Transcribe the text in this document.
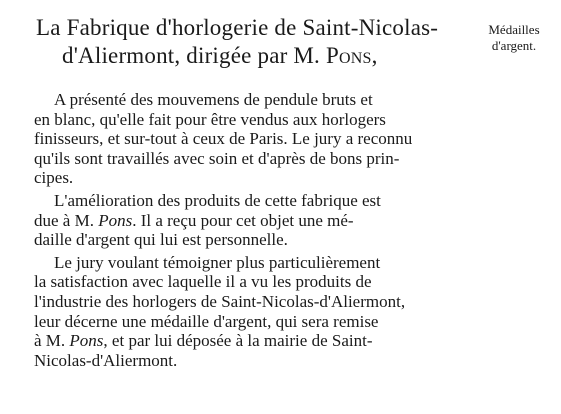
La Fabrique d'horlogerie de Saint-Nicolas-
d'Aliermont, dirigée par M. Pons,
Médailles
d'argent.

A présenté des mouvemens de pendule bruts et
en blanc, qu'elle fait pour être vendus aux horlogers
finisseurs, et sur-tout à ceux de Paris. Le jury a reconnu
qu'ils sont travaillés avec soin et d'après de bons prin-
cipes.

L'amélioration des produits de cette fabrique est
due à M. Pons. Il a reçu pour cet objet une mé-
daille d'argent qui lui est personnelle.

Le jury voulant témoigner plus particulièrement
la satisfaction avec laquelle il a vu les produits de
l'industrie des horlogers de Saint-Nicolas-d'Aliermont,
leur décerne une médaille d'argent, qui sera remise
à M. Pons, et par lui déposée à la mairie de Saint-
Nicolas-d'Aliermont.
